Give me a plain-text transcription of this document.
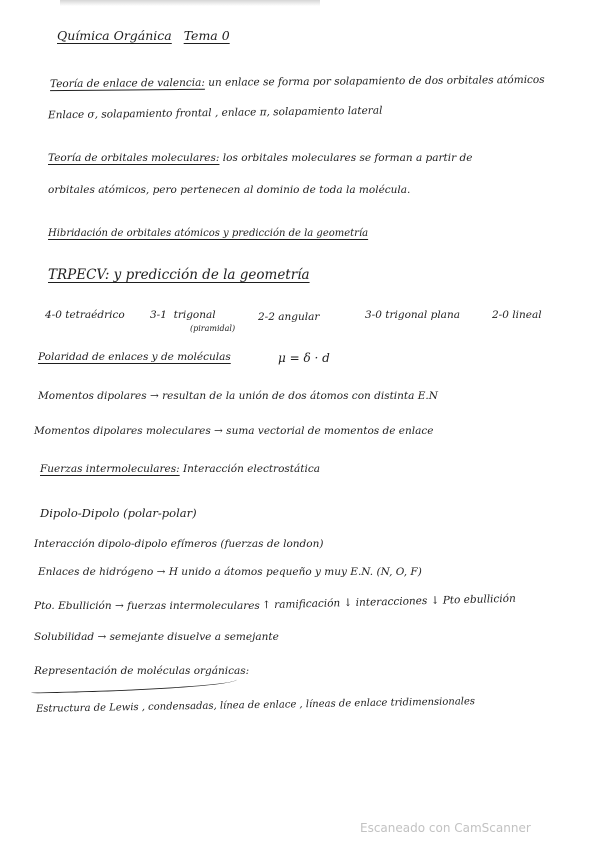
Química Orgánica Tema 0
Teoría de enlace de valencia: un enlace se forma por solapamiento de dos orbitales atómicos
Enlace σ, solapamiento frontal , enlace π, solapamiento lateral
Teoría de orbitales moleculares: los orbitales moleculares se forman a partir de
orbitales atómicos, pero pertenecen al dominio de toda la molécula.
Hibridación de orbitales atómicos y predicción de la geometría
TRPECV: y predicción de la geometría
4-0 tetraédrico 3-1 trigonal
(piramidal)
2-2 angular	3-0 trigonal plana	2-0 lineal
Polaridad de enlaces y de moléculas	μ = δ · d
Momentos dipolares → resultan de la unión de dos átomos con distinta E.N
Momentos dipolares moleculares → suma vectorial de momentos de enlace
Fuerzas intermoleculares: Interacción electrostática
Dipolo-Dipolo (polar-polar)
Interacción dipolo-dipolo efímeros (fuerzas de london)
Enlaces de hidrógeno → H unido a átomos pequeño y muy E.N. (N, O, F)
Pto. Ebullición → fuerzas intermoleculares ↑ ramificación ↓ interacciones ↓ Pto ebullición
Solubilidad → semejante disuelve a semejante
Representación de moléculas orgánicas:
Estructura de Lewis , condensadas, línea de enlace , líneas de enlace tridimensionales
Escaneado con CamScanner
